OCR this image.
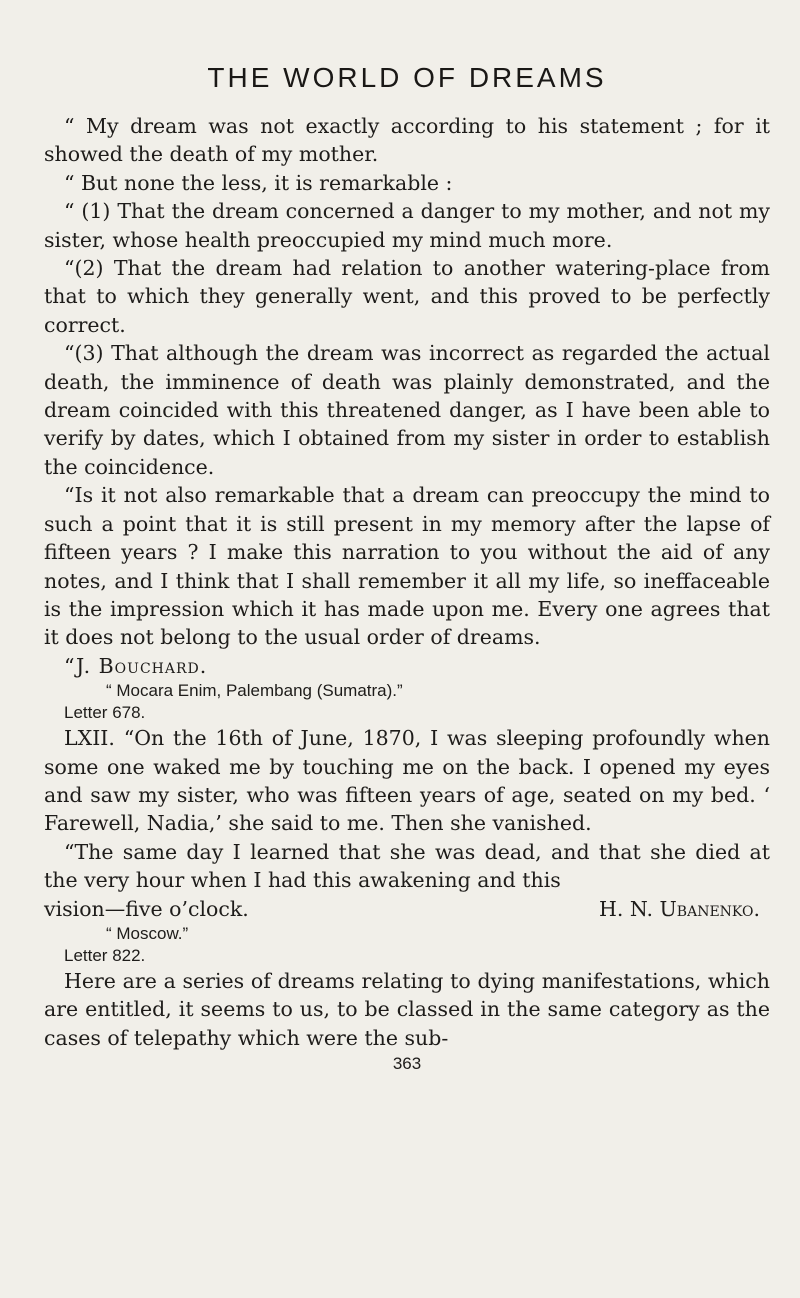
THE WORLD OF DREAMS

“ My dream was not exactly according to his statement ; for it showed the death of my mother.

“ But none the less, it is remarkable :

“ (1) That the dream concerned a danger to my mother, and not my sister, whose health preoccupied my mind much more.

“(2) That the dream had relation to another watering-place from that to which they generally went, and this proved to be perfectly correct.

“(3) That although the dream was incorrect as regarded the actual death, the imminence of death was plainly demonstrated, and the dream coincided with this threatened danger, as I have been able to verify by dates, which I obtained from my sister in order to establish the coincidence.

“Is it not also remarkable that a dream can preoccupy the mind to such a point that it is still present in my memory after the lapse of fifteen years ? I make this narration to you without the aid of any notes, and I think that I shall remember it all my life, so ineffaceable is the impression which it has made upon me. Every one agrees that it does not belong to the usual order of dreams.

“J. Bouchard.

“ Mocara Enim, Palembang (Sumatra).”

Letter 678.

LXII. “On the 16th of June, 1870, I was sleeping profoundly when some one waked me by touching me on the back. I opened my eyes and saw my sister, who was fifteen years of age, seated on my bed. ‘ Farewell, Nadia,’ she said to me. Then she vanished.

“The same day I learned that she was dead, and that she died at the very hour when I had this awakening and this

vision—five o’clock.	H. N. Ubanenko.

“ Moscow.”

Letter 822.

Here are a series of dreams relating to dying manifestations, which are entitled, it seems to us, to be classed in the same category as the cases of telepathy which were the sub-

363
